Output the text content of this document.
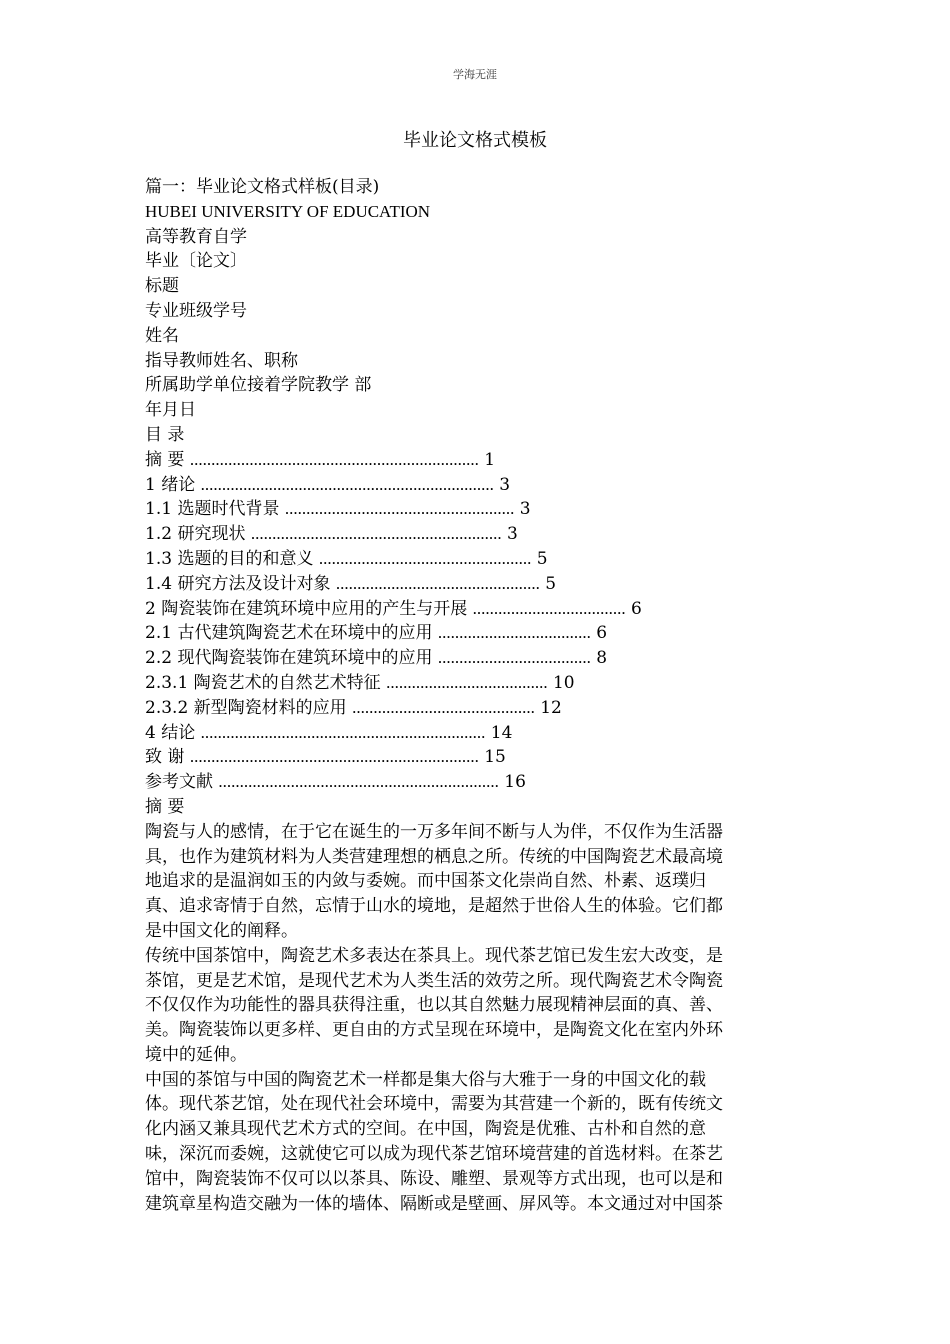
学海无涯
毕业论文格式模板
篇一：毕业论文格式样板(目录)
HUBEI UNIVERSITY OF EDUCATION
高等教育自学
毕业〔论文〕
标题
专业班级学号
姓名
指导教师姓名、职称
所属助学单位接着学院教学 部
年月日
目 录
摘 要 .................................................................... 1
1 绪论 ..................................................................... 3
1.1 选题时代背景 ...................................................... 3
1.2 研究现状 ........................................................... 3
1.3 选题的目的和意义 .................................................. 5
1.4 研究方法及设计对象 ................................................ 5
2 陶瓷装饰在建筑环境中应用的产生与开展 .................................... 6
2.1 古代建筑陶瓷艺术在环境中的应用 .................................... 6
2.2 现代陶瓷装饰在建筑环境中的应用 .................................... 8
2.3.1 陶瓷艺术的自然艺术特征 ...................................... 10
2.3.2 新型陶瓷材料的应用 ........................................... 12
4 结论 ................................................................... 14
致 谢 .................................................................... 15
参考文献 .................................................................. 16
摘 要
陶瓷与人的感情，在于它在诞生的一万多年间不断与人为伴，不仅作为生活器
具，也作为建筑材料为人类营建理想的栖息之所。传统的中国陶瓷艺术最高境
地追求的是温润如玉的内敛与委婉。而中国茶文化崇尚自然、朴素、返璞归
真、追求寄情于自然，忘情于山水的境地，是超然于世俗人生的体验。它们都
是中国文化的阐释。
传统中国茶馆中，陶瓷艺术多表达在茶具上。现代茶艺馆已发生宏大改变，是
茶馆，更是艺术馆，是现代艺术为人类生活的效劳之所。现代陶瓷艺术令陶瓷
不仅仅作为功能性的器具获得注重，也以其自然魅力展现精神层面的真、善、
美。陶瓷装饰以更多样、更自由的方式呈现在环境中，是陶瓷文化在室内外环
境中的延伸。
中国的茶馆与中国的陶瓷艺术一样都是集大俗与大雅于一身的中国文化的载
体。现代茶艺馆，处在现代社会环境中，需要为其营建一个新的，既有传统文
化内涵又兼具现代艺术方式的空间。在中国，陶瓷是优雅、古朴和自然的意
味，深沉而委婉，这就使它可以成为现代茶艺馆环境营建的首选材料。在茶艺
馆中，陶瓷装饰不仅可以以茶具、陈设、雕塑、景观等方式出现，也可以是和
建筑章星构造交融为一体的墙体、隔断或是壁画、屏风等。本文通过对中国茶
